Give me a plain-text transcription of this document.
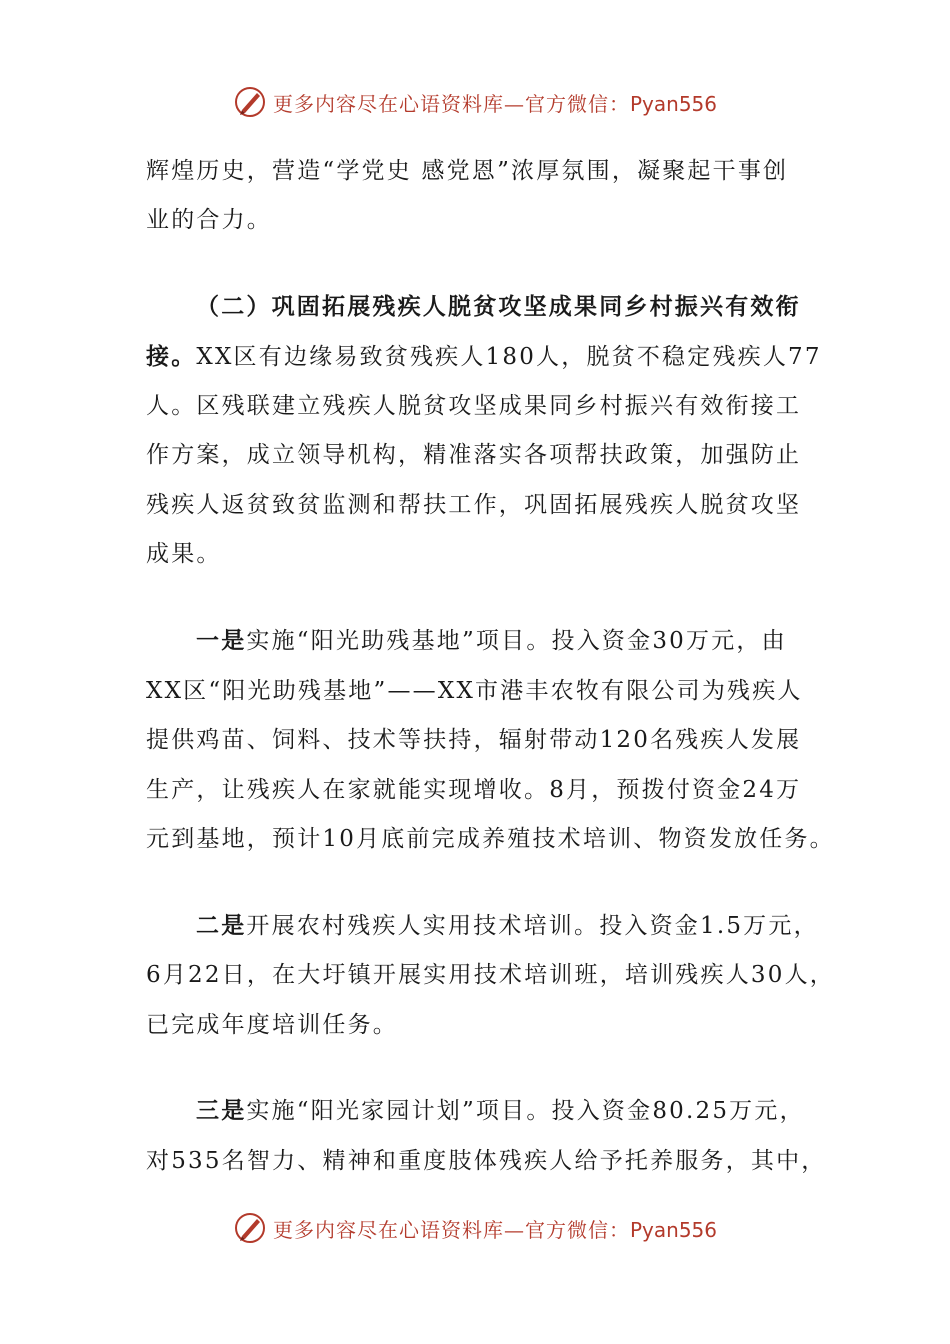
更多内容尽在心语资料库—官方微信：Pyan556
辉煌历史，营造“学党史 感党恩”浓厚氛围，凝聚起干事创
业的合力。
（二）巩固拓展残疾人脱贫攻坚成果同乡村振兴有效衔
接。XX区有边缘易致贫残疾人180人，脱贫不稳定残疾人77
人。区残联建立残疾人脱贫攻坚成果同乡村振兴有效衔接工
作方案，成立领导机构，精准落实各项帮扶政策，加强防止
残疾人返贫致贫监测和帮扶工作，巩固拓展残疾人脱贫攻坚
成果。
一是实施“阳光助残基地”项目。投入资金30万元，由
XX区“阳光助残基地”——XX市港丰农牧有限公司为残疾人
提供鸡苗、饲料、技术等扶持，辐射带动120名残疾人发展
生产，让残疾人在家就能实现增收。8月，预拨付资金24万
元到基地，预计10月底前完成养殖技术培训、物资发放任务。
二是开展农村残疾人实用技术培训。投入资金1.5万元，
6月22日，在大圩镇开展实用技术培训班，培训残疾人30人，
已完成年度培训任务。
三是实施“阳光家园计划”项目。投入资金80.25万元，
对535名智力、精神和重度肢体残疾人给予托养服务，其中，
更多内容尽在心语资料库—官方微信：Pyan556
